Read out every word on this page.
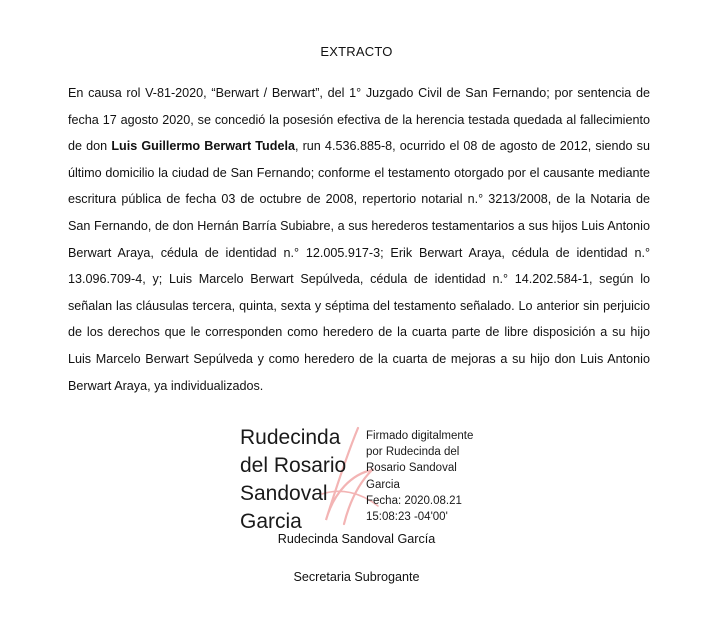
EXTRACTO

En causa rol V-81-2020, “Berwart / Berwart”, del 1° Juzgado Civil de San Fernando; por sentencia de fecha 17 agosto 2020, se concedió la posesión efectiva de la herencia testada quedada al fallecimiento de don Luis Guillermo Berwart Tudela, run 4.536.885-8, ocurrido el 08 de agosto de 2012, siendo su último domicilio la ciudad de San Fernando; conforme el testamento otorgado por el causante mediante escritura pública de fecha 03 de octubre de 2008, repertorio notarial n.° 3213/2008, de la Notaria de San Fernando, de don Hernán Barría Subiabre, a sus herederos testamentarios a sus hijos Luis Antonio Berwart Araya, cédula de identidad n.° 12.005.917-3; Erik Berwart Araya, cédula de identidad n.° 13.096.709-4, y; Luis Marcelo Berwart Sepúlveda, cédula de identidad n.° 14.202.584-1, según lo señalan las cláusulas tercera, quinta, sexta y séptima del testamento señalado. Lo anterior sin perjuicio de los derechos que le corresponden como heredero de la cuarta parte de libre disposición a su hijo Luis Marcelo Berwart Sepúlveda y como heredero de la cuarta de mejoras a su hijo don Luis Antonio Berwart Araya, ya individualizados.

Rudecinda
del Rosario
Sandoval
Garcia

Firmado digitalmente
por Rudecinda del
Rosario Sandoval
Garcia
Fecha: 2020.08.21
15:08:23 -04'00'

Rudecinda Sandoval García
Secretaria Subrogante
